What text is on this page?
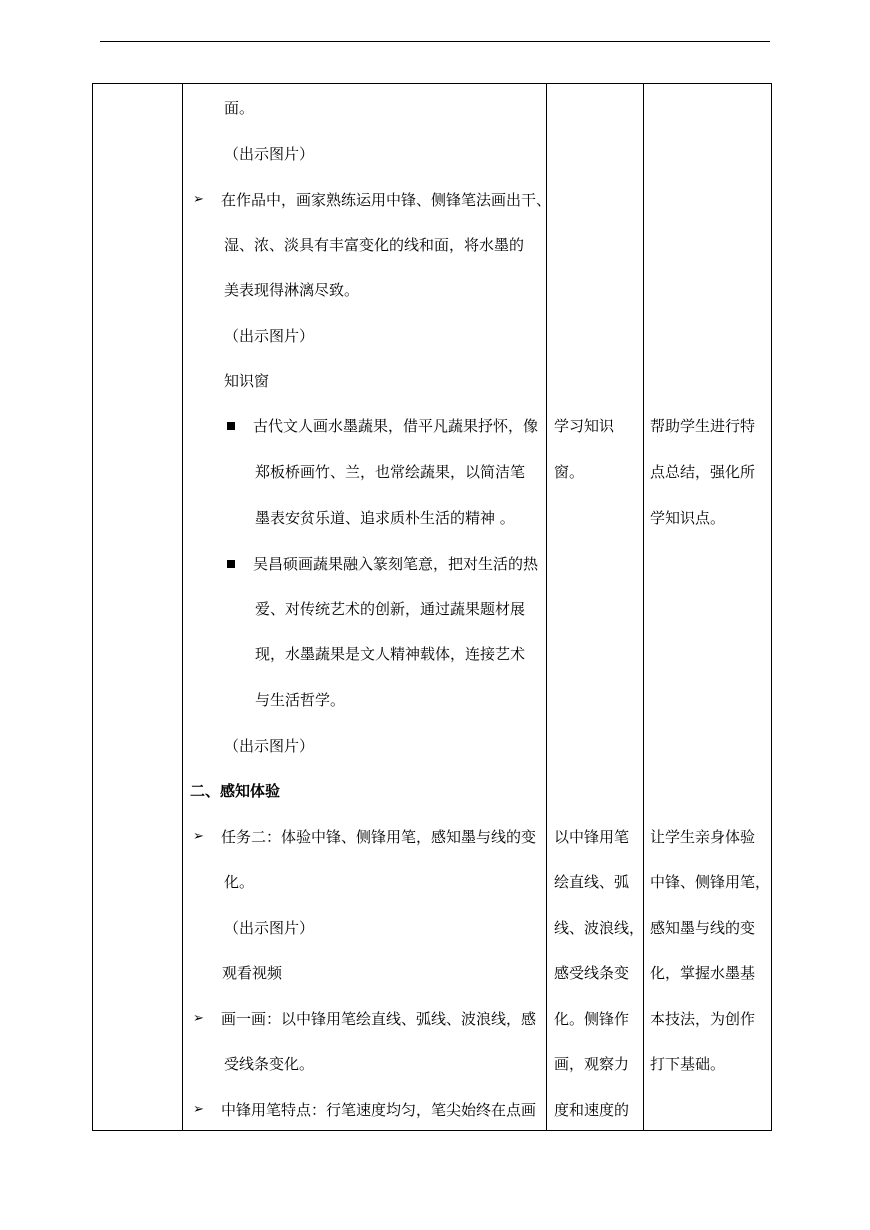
面。
（出示图片）
➢ 在作品中，画家熟练运用中锋、侧锋笔法画出干、
湿、浓、淡具有丰富变化的线和面，将水墨的
美表现得淋漓尽致。
（出示图片）
知识窗
古代文人画水墨蔬果，借平凡蔬果抒怀，像
郑板桥画竹、兰，也常绘蔬果，以简洁笔
墨表安贫乐道、追求质朴生活的精神 。
吴昌硕画蔬果融入篆刻笔意，把对生活的热
爱、对传统艺术的创新，通过蔬果题材展
现，水墨蔬果是文人精神载体，连接艺术
与生活哲学。
（出示图片）
二、感知体验
➢ 任务二：体验中锋、侧锋用笔，感知墨与线的变
化。
（出示图片）
观看视频
➢ 画一画：以中锋用笔绘直线、弧线、波浪线，感
受线条变化。
➢ 中锋用笔特点：行笔速度均匀，笔尖始终在点画
学习知识
窗。
以中锋用笔
绘直线、弧
线、波浪线，
感受线条变
化。侧锋作
画，观察力
度和速度的
帮助学生进行特
点总结，强化所
学知识点。
让学生亲身体验
中锋、侧锋用笔，
感知墨与线的变
化，掌握水墨基
本技法，为创作
打下基础。
